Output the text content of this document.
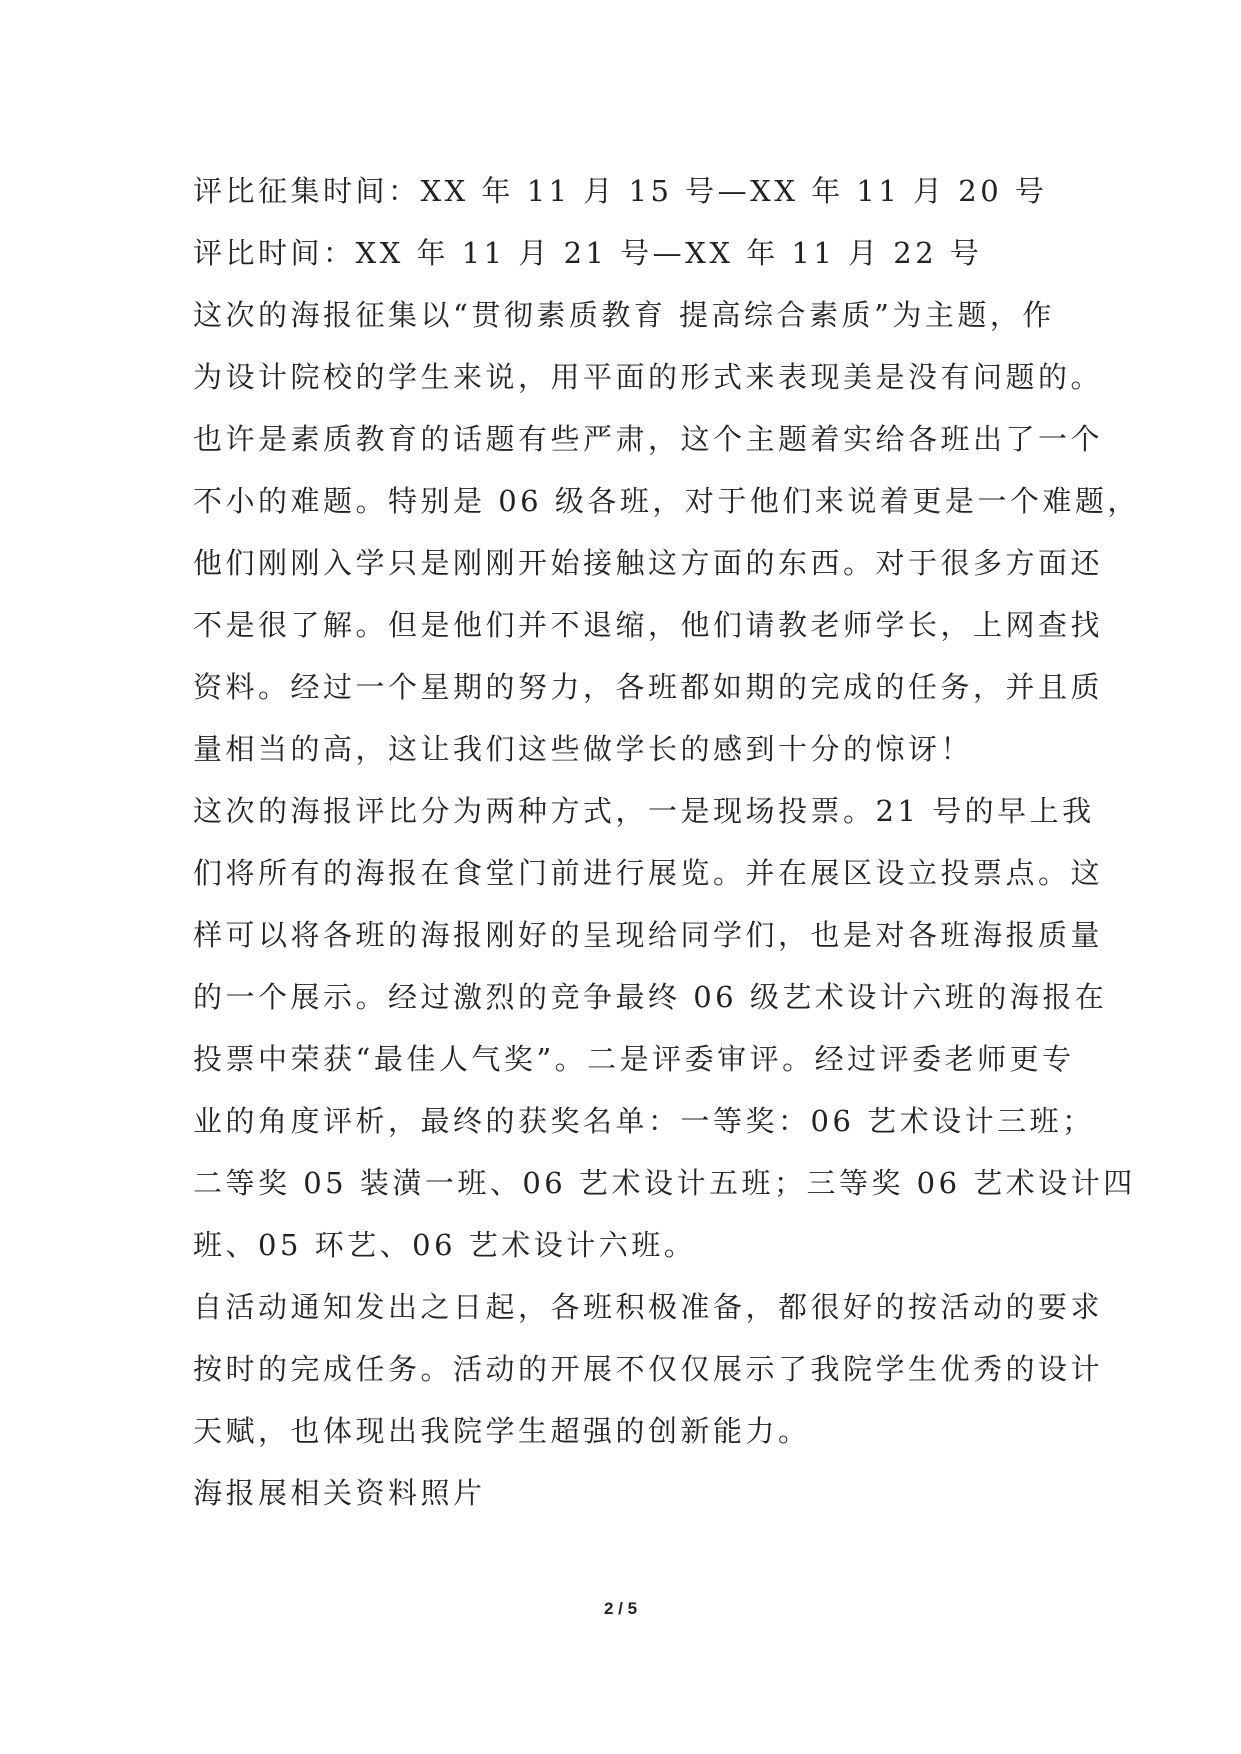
评比征集时间：XX 年 11 月 15 号—XX 年 11 月 20 号
评比时间：XX 年 11 月 21 号—XX 年 11 月 22 号
这次的海报征集以“贯彻素质教育 提高综合素质”为主题，作
为设计院校的学生来说，用平面的形式来表现美是没有问题的。
也许是素质教育的话题有些严肃，这个主题着实给各班出了一个
不小的难题。特别是 06 级各班，对于他们来说着更是一个难题，
他们刚刚入学只是刚刚开始接触这方面的东西。对于很多方面还
不是很了解。但是他们并不退缩，他们请教老师学长，上网查找
资料。经过一个星期的努力，各班都如期的完成的任务，并且质
量相当的高，这让我们这些做学长的感到十分的惊讶！
这次的海报评比分为两种方式，一是现场投票。21 号的早上我
们将所有的海报在食堂门前进行展览。并在展区设立投票点。这
样可以将各班的海报刚好的呈现给同学们，也是对各班海报质量
的一个展示。经过激烈的竞争最终 06 级艺术设计六班的海报在
投票中荣获“最佳人气奖”。二是评委审评。经过评委老师更专
业的角度评析，最终的获奖名单：一等奖：06 艺术设计三班；
二等奖 05 装潢一班、06 艺术设计五班；三等奖 06 艺术设计四
班、05 环艺、06 艺术设计六班。
自活动通知发出之日起，各班积极准备，都很好的按活动的要求
按时的完成任务。活动的开展不仅仅展示了我院学生优秀的设计
天赋，也体现出我院学生超强的创新能力。
海报展相关资料照片
2 / 5
